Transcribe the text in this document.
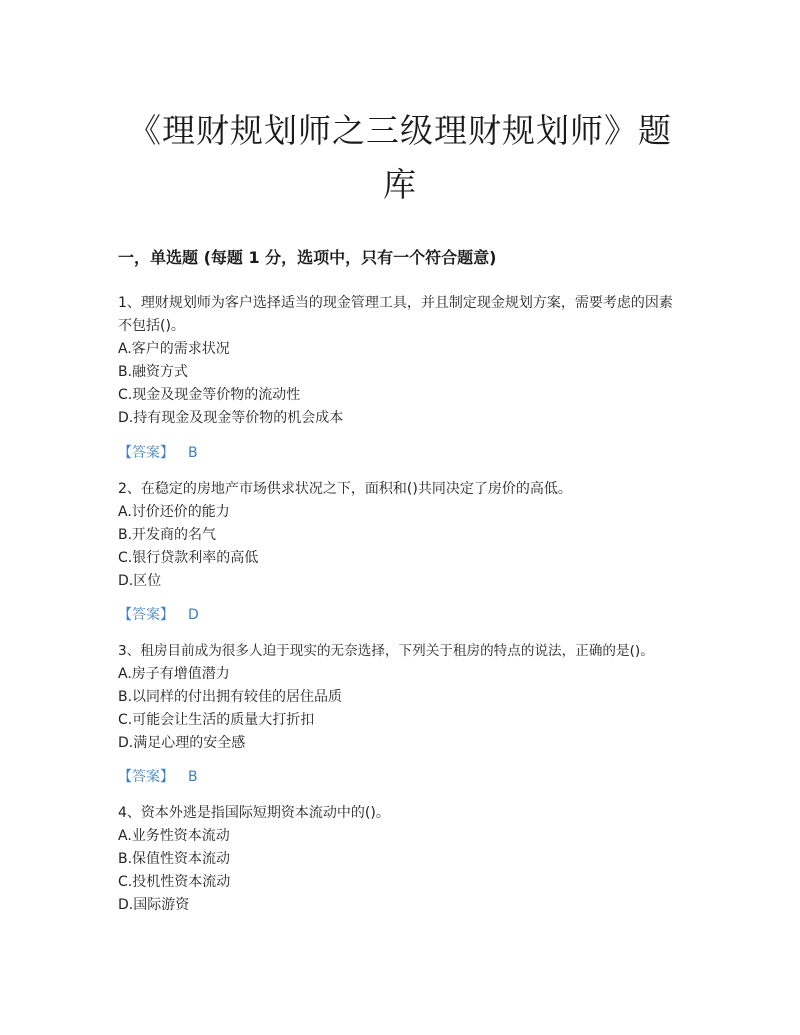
《理财规划师之三级理财规划师》题
库
一，单选题 (每题 1 分，选项中，只有一个符合题意)

1、理财规划师为客户选择适当的现金管理工具，并且制定现金规划方案，需要考虑的因素不包括()。

A.客户的需求状况

B.融资方式

C.现金及现金等价物的流动性

D.持有现金及现金等价物的机会成本

【答案】 B

2、在稳定的房地产市场供求状况之下，面积和()共同决定了房价的高低。

A.讨价还价的能力

B.开发商的名气

C.银行贷款利率的高低

D.区位

【答案】 D

3、租房目前成为很多人迫于现实的无奈选择，下列关于租房的特点的说法，正确的是()。

A.房子有增值潜力

B.以同样的付出拥有较佳的居住品质

C.可能会让生活的质量大打折扣

D.满足心理的安全感

【答案】 B

4、资本外逃是指国际短期资本流动中的()。

A.业务性资本流动

B.保值性资本流动

C.投机性资本流动

D.国际游资
